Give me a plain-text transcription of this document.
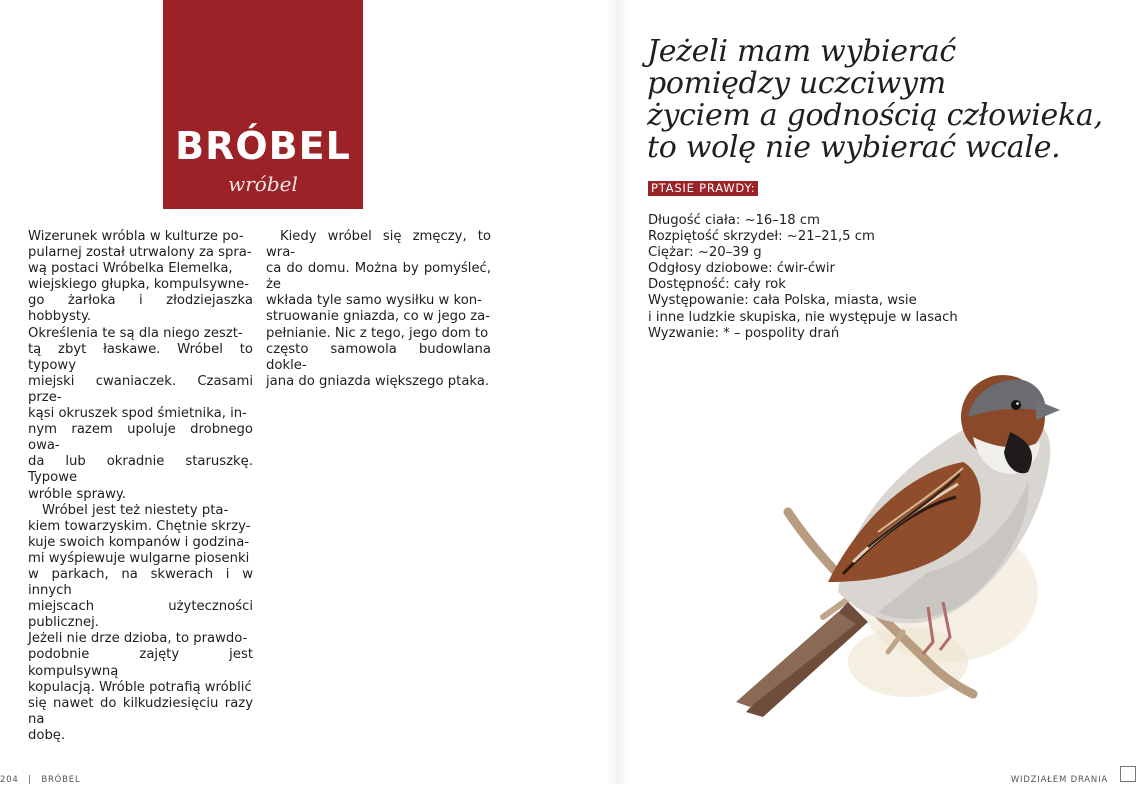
BRÓBEL
wróbel

Wizerunek wróbla w kulturze po-

pularnej został utrwalony za spra-

wą postaci Wróbelka Elemelka,

wiejskiego głupka, kompulsywne-

go żarłoka i złodziejaszka hobbysty.

Określenia te są dla niego zeszt-

tą zbyt łaskawe. Wróbel to typowy

miejski cwaniaczek. Czasami prze-

kąsi okruszek spod śmietnika, in-

nym razem upoluje drobnego owa-

da lub okradnie staruszkę. Typowe

wróble sprawy.

Wróbel jest też niestety pta-

kiem towarzyskim. Chętnie skrzy-

kuje swoich kompanów i godzina-

mi wyśpiewuje wulgarne piosenki

w parkach, na skwerach i w innych

miejscach użyteczności publicznej.

Jeżeli nie drze dzioba, to prawdo-

podobnie zajęty jest kompulsywną

kopulacją. Wróble potrafią wróblić

się nawet do kilkudziesięciu razy na

dobę.

Kiedy wróbel się zmęczy, to wra-

ca do domu. Można by pomyśleć, że

wkłada tyle samo wysiłku w kon-

struowanie gniazda, co w jego za-

pełnianie. Nic z tego, jego dom to

często samowola budowlana dokle-

jana do gniazda większego ptaka.

Jeżeli mam wybierać
pomiędzy uczciwym
życiem a godnością człowieka,
to wolę nie wybierać wcale.
PTASIE PRAWDY:
Długość ciała: ~16–18 cm
Rozpiętość skrzydeł: ~21–21,5 cm
Ciężar: ~20–39 g
Odgłosy dziobowe: ćwir-ćwir
Dostępność: cały rok
Występowanie: cała Polska, miasta, wsie
i inne ludzkie skupiska, nie występuje w lasach
Wyzwanie: * – pospolity drań
204 | BRÓBEL	WIDZIAŁEM DRANIA
